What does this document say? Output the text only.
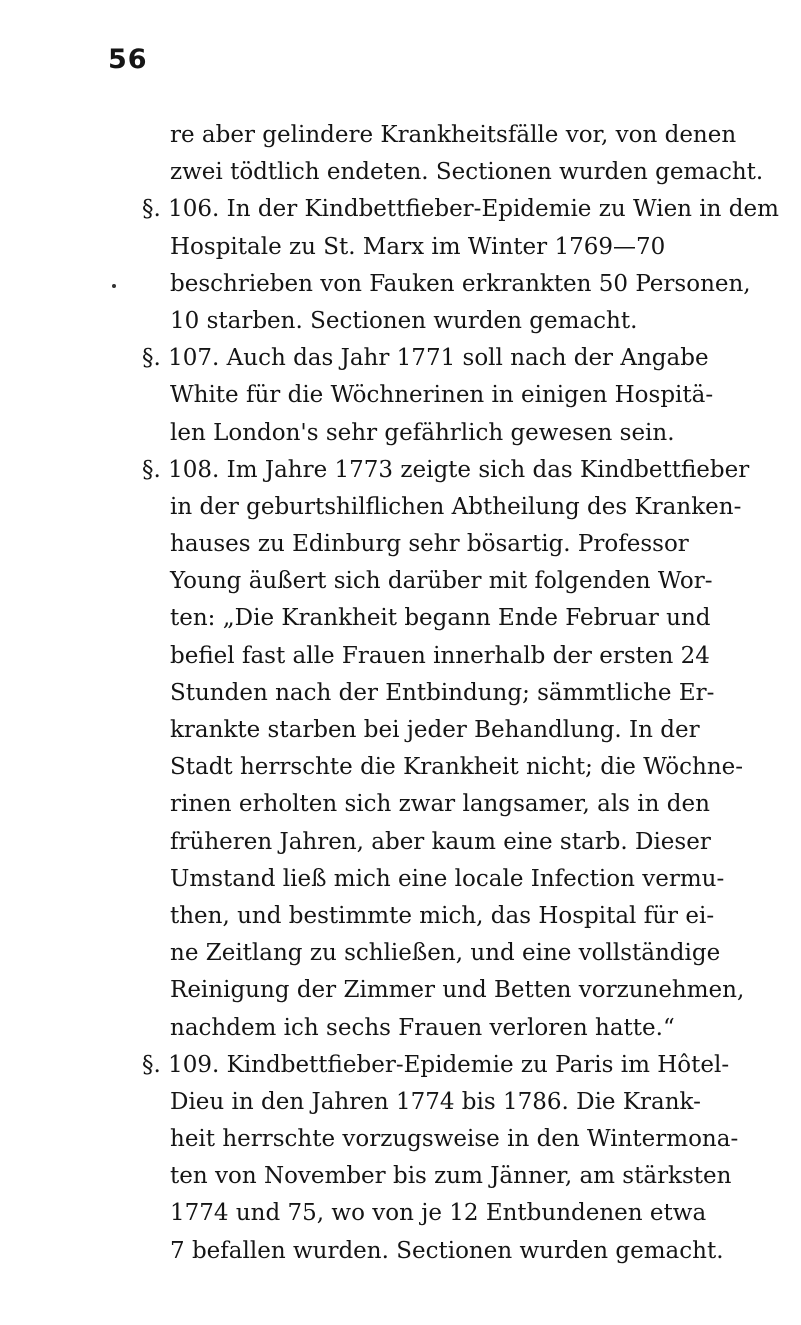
56
re aber gelindere Krankheitsfälle vor, von denen
zwei tödtlich endeten. Sectionen wurden gemacht.
§. 106. In der Kindbettfieber-Epidemie zu Wien in dem
Hospitale zu St. Marx im Winter 1769—70
beschrieben von Fauken erkrankten 50 Personen,
10 starben. Sectionen wurden gemacht.
§. 107. Auch das Jahr 1771 soll nach der Angabe
White für die Wöchnerinen in einigen Hospitä-
len London's sehr gefährlich gewesen sein.
§. 108. Im Jahre 1773 zeigte sich das Kindbettfieber
in der geburtshilflichen Abtheilung des Kranken-
hauses zu Edinburg sehr bösartig. Professor
Young äußert sich darüber mit folgenden Wor-
ten: „Die Krankheit begann Ende Februar und
befiel fast alle Frauen innerhalb der ersten 24
Stunden nach der Entbindung; sämmtliche Er-
krankte starben bei jeder Behandlung. In der
Stadt herrschte die Krankheit nicht; die Wöchne-
rinen erholten sich zwar langsamer, als in den
früheren Jahren, aber kaum eine starb. Dieser
Umstand ließ mich eine locale Infection vermu-
then, und bestimmte mich, das Hospital für ei-
ne Zeitlang zu schließen, und eine vollständige
Reinigung der Zimmer und Betten vorzunehmen,
nachdem ich sechs Frauen verloren hatte.“
§. 109. Kindbettfieber-Epidemie zu Paris im Hôtel-
Dieu in den Jahren 1774 bis 1786. Die Krank-
heit herrschte vorzugsweise in den Wintermona-
ten von November bis zum Jänner, am stärksten
1774 und 75, wo von je 12 Entbundenen etwa
7 befallen wurden. Sectionen wurden gemacht.
